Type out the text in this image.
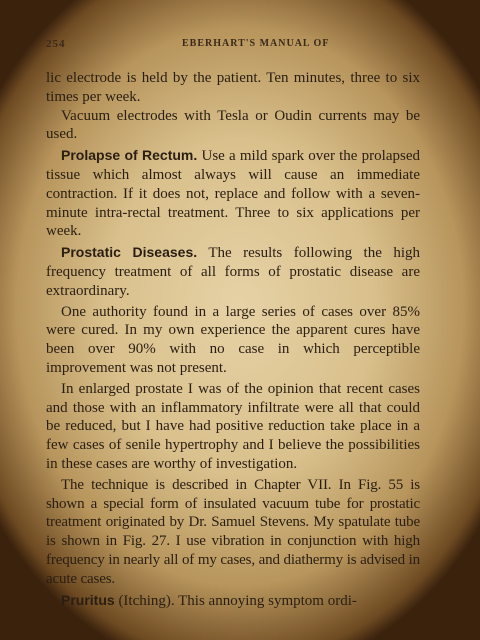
254	EBERHART'S MANUAL OF

lic electrode is held by the patient. Ten minutes, three to six times per week.

Vacuum electrodes with Tesla or Oudin currents may be used.

Prolapse of Rectum. Use a mild spark over the prolapsed tissue which almost always will cause an immediate contraction. If it does not, replace and follow with a seven-minute intra-rectal treatment. Three to six applications per week.

Prostatic Diseases. The results following the high frequency treatment of all forms of prostatic disease are extraordinary.

One authority found in a large series of cases over 85% were cured. In my own experience the apparent cures have been over 90% with no case in which perceptible improvement was not present.

In enlarged prostate I was of the opinion that recent cases and those with an inflammatory infiltrate were all that could be reduced, but I have had positive reduction take place in a few cases of senile hypertrophy and I believe the possibilities in these cases are worthy of investigation.

The technique is described in Chapter VII. In Fig. 55 is shown a special form of insulated vacuum tube for prostatic treatment originated by Dr. Samuel Stevens. My spatulate tube is shown in Fig. 27. I use vibration in conjunction with high frequency in nearly all of my cases, and diathermy is advised in acute cases.

Pruritus (Itching). This annoying symptom ordi-
